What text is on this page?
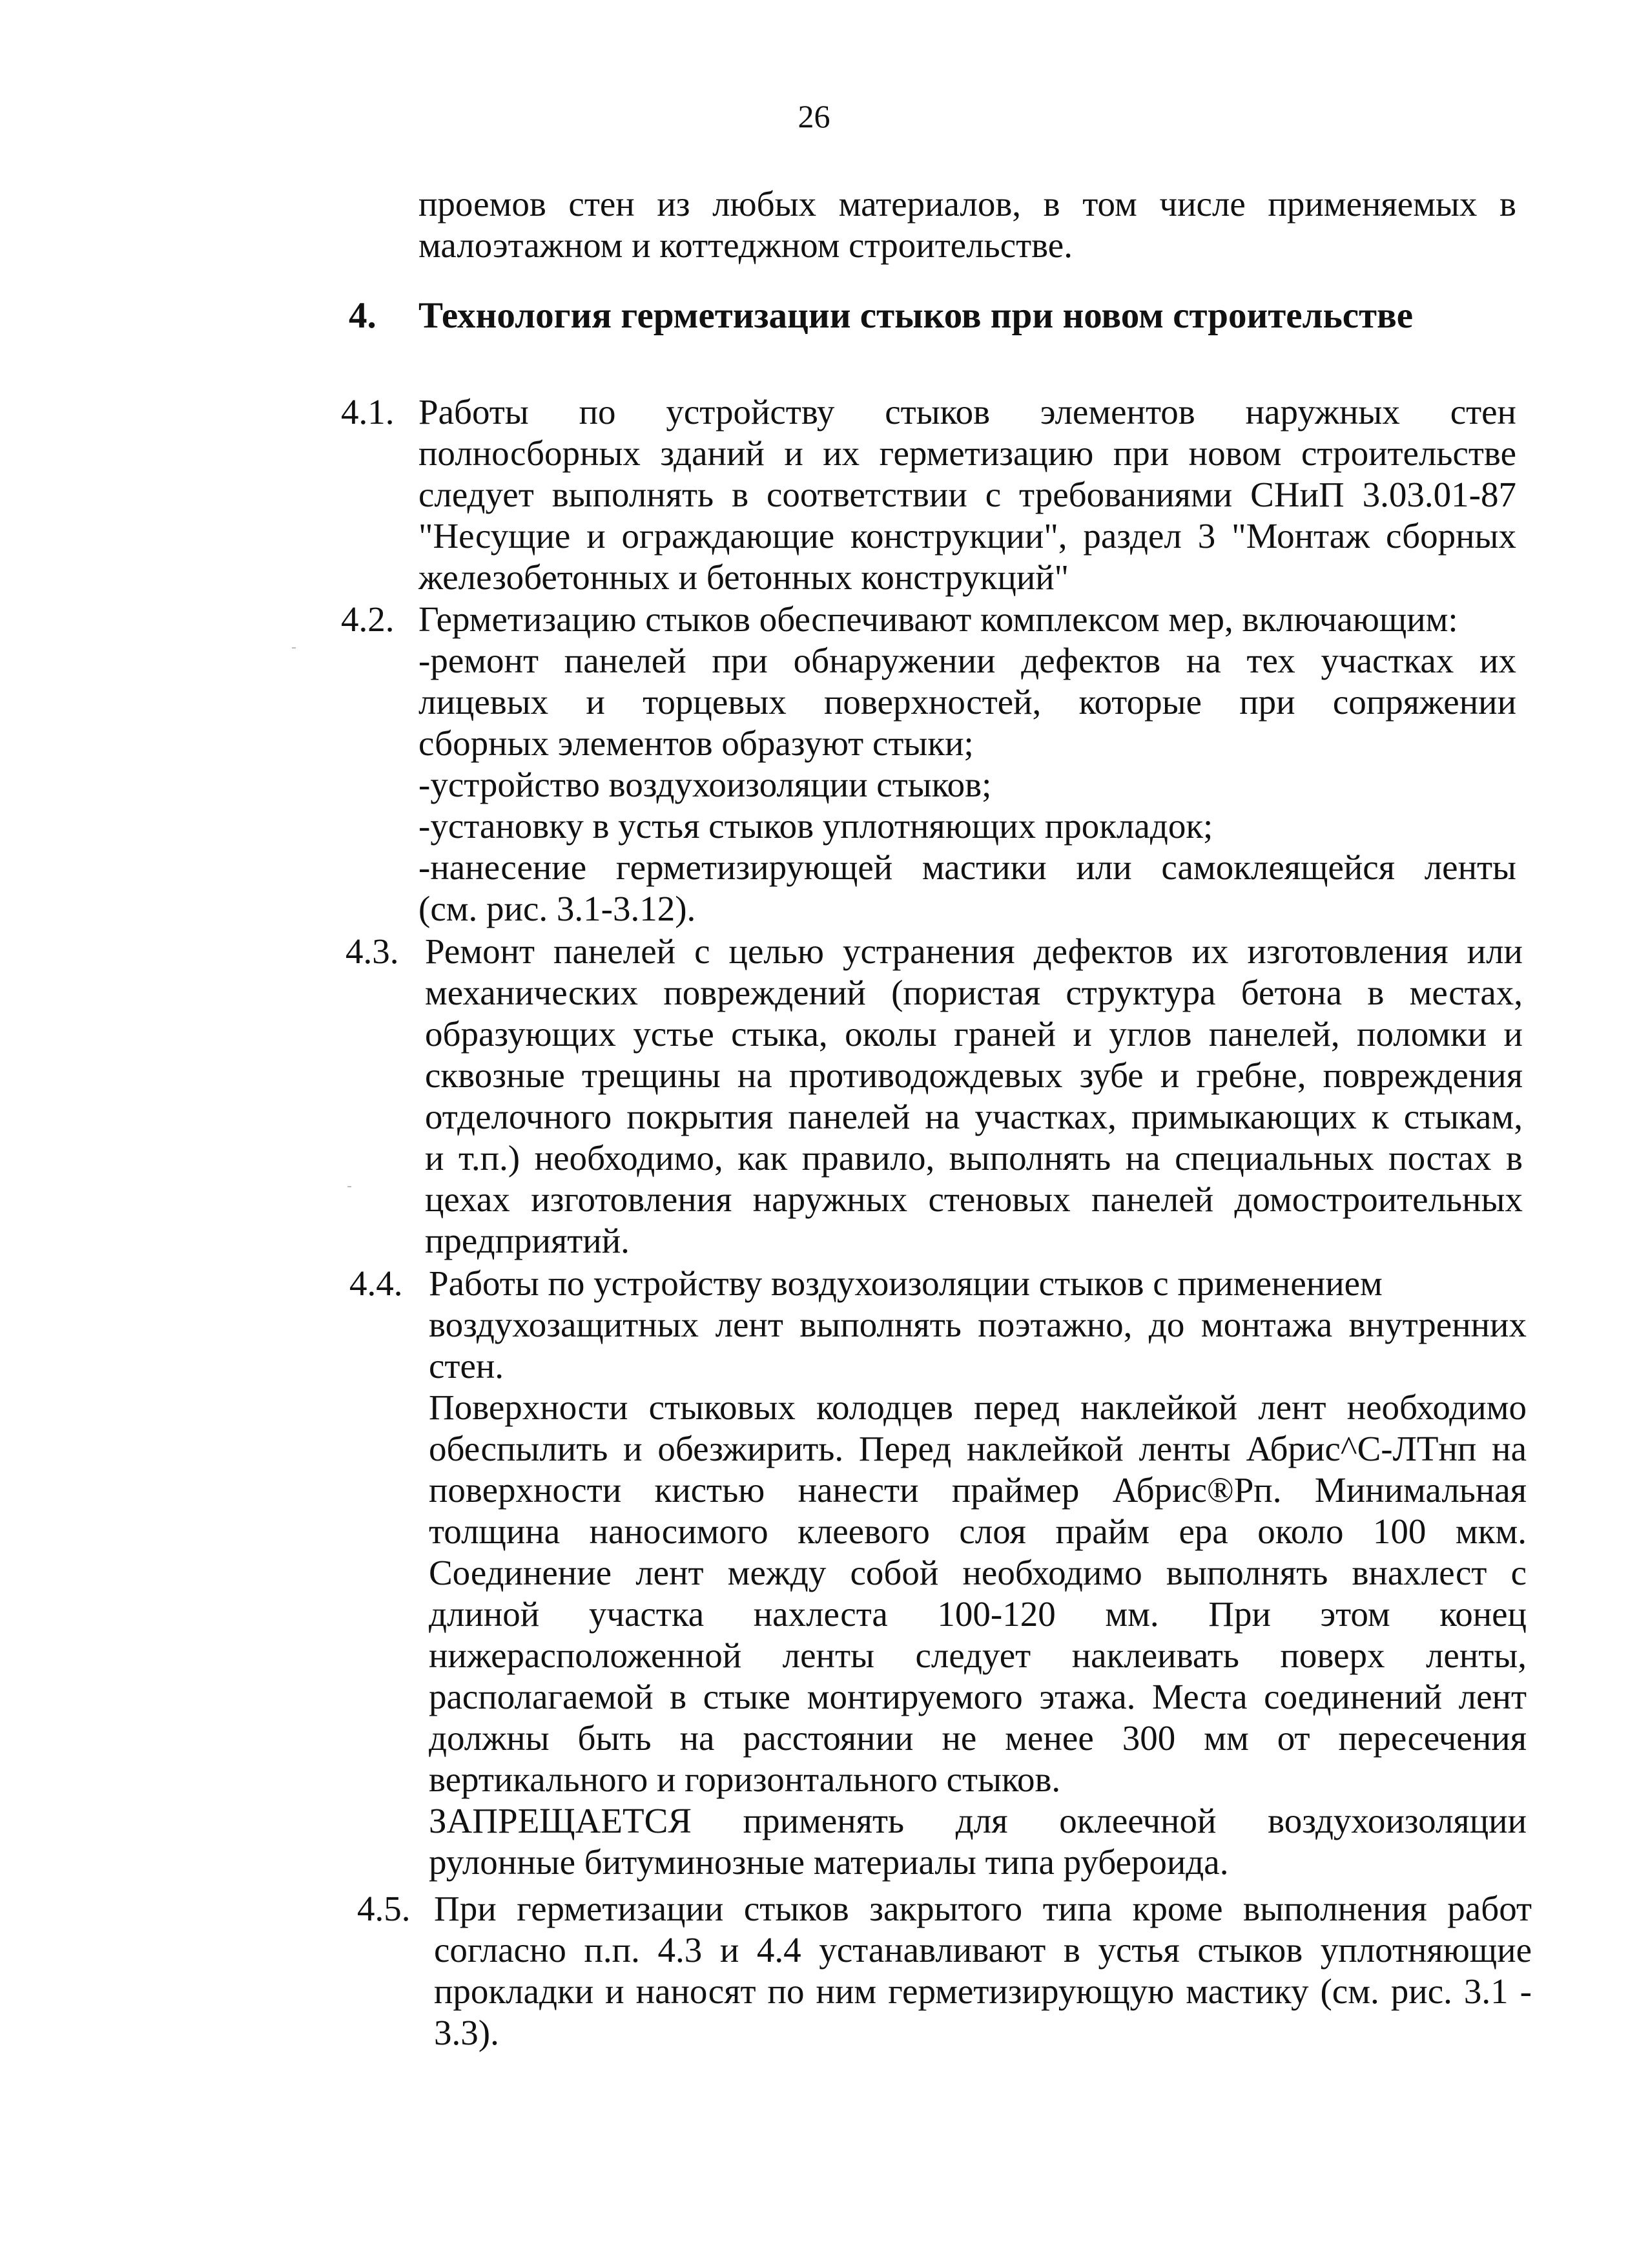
26
проемов стен из любых материалов, в том числе применяемых в
малоэтажном и коттеджном строительстве.
4. Технология герметизации стыков при новом строительстве
4.1. Работы по устройству стыков элементов наружных стен
полносборных зданий и их герметизацию при новом строительстве
следует выполнять в соответствии с требованиями СНиП 3.03.01-87
"Несущие и ограждающие конструкции", раздел 3 "Монтаж сборных
железобетонных и бетонных конструкций"
4.2. Герметизацию стыков обеспечивают комплексом мер, включающим:
-ремонт панелей при обнаружении дефектов на тех участках их
лицевых и торцевых поверхностей, которые при сопряжении
сборных элементов образуют стыки;
-устройство воздухоизоляции стыков;
-установку в устья стыков уплотняющих прокладок;
-нанесение герметизирующей мастики или самоклеящейся ленты
(см. рис. 3.1-3.12).
4.3. Ремонт панелей с целью устранения дефектов их изготовления или
механических повреждений (пористая структура бетона в местах,
образующих устье стыка, околы граней и углов панелей, поломки и
сквозные трещины на противодождевых зубе и гребне, повреждения
отделочного покрытия панелей на участках, примыкающих к стыкам,
и т.п.) необходимо, как правило, выполнять на специальных постах в
цехах изготовления наружных стеновых панелей домостроительных
предприятий.
4.4. Работы по устройству воздухоизоляции стыков с применением
воздухозащитных лент выполнять поэтажно, до монтажа внутренних
стен.
Поверхности стыковых колодцев перед наклейкой лент необходимо
обеспылить и обезжирить. Перед наклейкой ленты Абрис^С-ЛТнп на
поверхности кистью нанести праймер Абрис®Рп. Минимальная
толщина наносимого клеевого слоя прайм ера около 100 мкм.
Соединение лент между собой необходимо выполнять внахлест с
длиной участка нахлеста 100-120 мм. При этом конец
нижерасположенной ленты следует наклеивать поверх ленты,
располагаемой в стыке монтируемого этажа. Места соединений лент
должны быть на расстоянии не менее 300 мм от пересечения
вертикального и горизонтального стыков.
ЗАПРЕЩАЕТСЯ применять для оклеечной воздухоизоляции
рулонные битуминозные материалы типа рубероида.
4.5. При герметизации стыков закрытого типа кроме выполнения работ
согласно п.п. 4.3 и 4.4 устанавливают в устья стыков уплотняющие
прокладки и наносят по ним герметизирующую мастику (см. рис. 3.1 -
3.3).
